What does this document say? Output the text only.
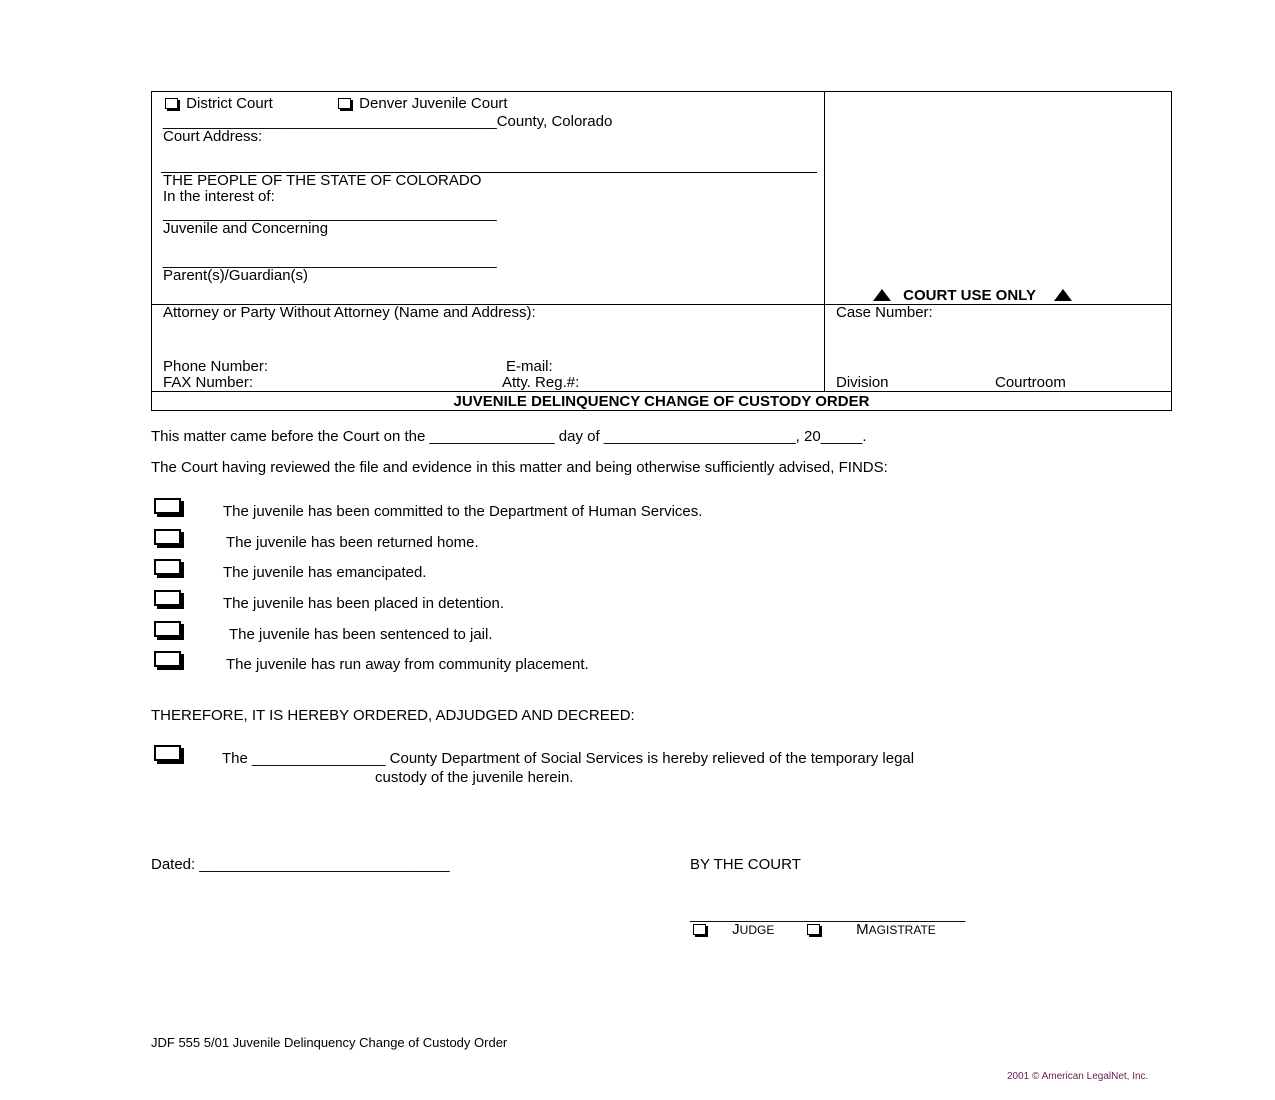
District Court	Denver Juvenile Court
________________________________________County, Colorado
Court Address:
THE PEOPLE OF THE STATE OF COLORADO
In the interest of:
________________________________________
Juvenile and Concerning
________________________________________
Parent(s)/Guardian(s)
COURT USE ONLY
Attorney or Party Without Attorney (Name and Address):
Phone Number:	E-mail:
FAX Number:	Atty. Reg.#:
Case Number:
Division	Courtroom
JUVENILE DELINQUENCY CHANGE OF CUSTODY ORDER
This matter came before the Court on the _______________ day of _______________________, 20_____.
The Court having reviewed the file and evidence in this matter and being otherwise sufficiently advised, FINDS:
The juvenile has been committed to the Department of Human Services.
The juvenile has been returned home.
The juvenile has emancipated.
The juvenile has been placed in detention.
The juvenile has been sentenced to jail.
The juvenile has run away from community placement.
THEREFORE, IT IS HEREBY ORDERED, ADJUDGED AND DECREED:
The ________________ County Department of Social Services is hereby relieved of the temporary legal
custody of the juvenile herein.
Dated: ______________________________	BY THE COURT
_________________________________
JUDGE	MAGISTRATE
JDF 555 5/01 Juvenile Delinquency Change of Custody Order
2001 © American LegalNet, Inc.
